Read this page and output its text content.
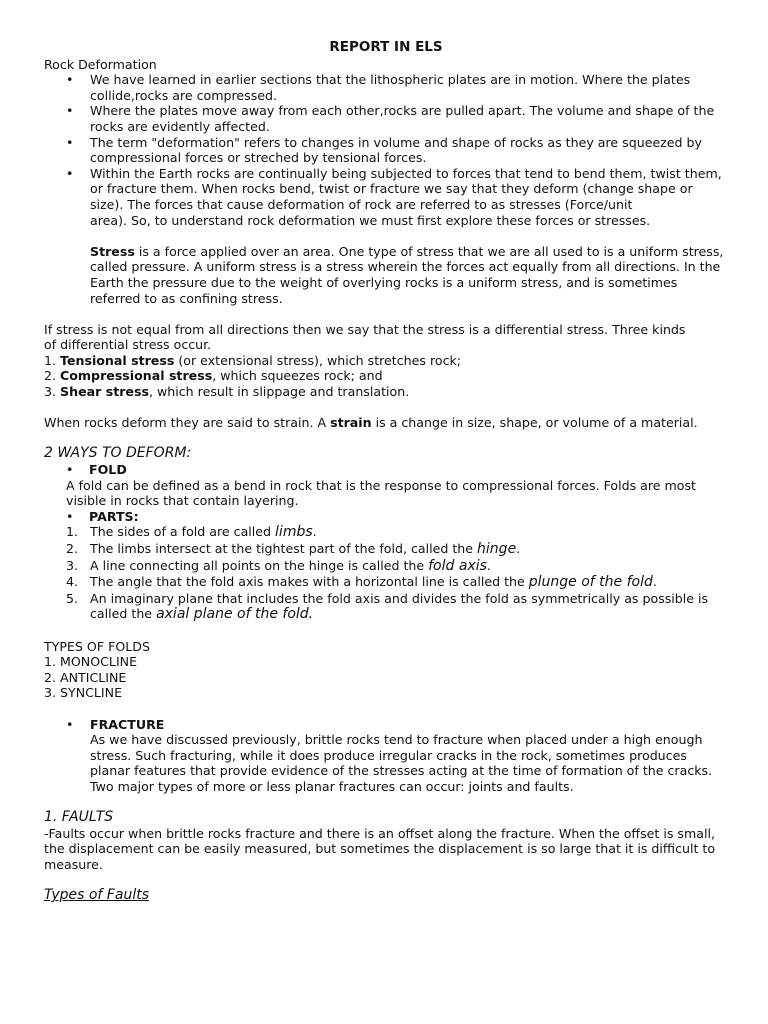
REPORT IN ELS

Rock Deformation

• We have learned in earlier sections that the lithospheric plates are in motion. Where the plates collide,rocks are compressed.

• Where the plates move away from each other,rocks are pulled apart. The volume and shape of the rocks are evidently affected.

• The term "deformation" refers to changes in volume and shape of rocks as they are squeezed by compressional forces or streched by tensional forces.

• Within the Earth rocks are continually being subjected to forces that tend to bend them, twist them, or fracture them. When rocks bend, twist or fracture we say that they deform (change shape or size). The forces that cause deformation of rock are referred to as stresses (Force/unit

area). So, to understand rock deformation we must first explore these forces or stresses.

Stress is a force applied over an area. One type of stress that we are all used to is a uniform stress, called pressure. A uniform stress is a stress wherein the forces act equally from all directions. In the Earth the pressure due to the weight of overlying rocks is a uniform stress, and is sometimes referred to as confining stress.

If stress is not equal from all directions then we say that the stress is a differential stress. Three kinds

of differential stress occur.

1. Tensional stress (or extensional stress), which stretches rock;

2. Compressional stress, which squeezes rock; and

3. Shear stress, which result in slippage and translation.

When rocks deform they are said to strain. A strain is a change in size, shape, or volume of a material.

2 WAYS TO DEFORM:

• FOLD

A fold can be defined as a bend in rock that is the response to compressional forces. Folds are most visible in rocks that contain layering.

• PARTS:

1. The sides of a fold are called limbs.

2. The limbs intersect at the tightest part of the fold, called the hinge.

3. A line connecting all points on the hinge is called the fold axis.

4. The angle that the fold axis makes with a horizontal line is called the plunge of the fold.

5. An imaginary plane that includes the fold axis and divides the fold as symmetrically as possible is called the axial plane of the fold.

TYPES OF FOLDS

1. MONOCLINE

2. ANTICLINE

3. SYNCLINE

• FRACTURE

As we have discussed previously, brittle rocks tend to fracture when placed under a high enough stress. Such fracturing, while it does produce irregular cracks in the rock, sometimes produces planar features that provide evidence of the stresses acting at the time of formation of the cracks. Two major types of more or less planar fractures can occur: joints and faults.

1. FAULTS

-Faults occur when brittle rocks fracture and there is an offset along the fracture. When the offset is small, the displacement can be easily measured, but sometimes the displacement is so large that it is difficult to measure.

Types of Faults
